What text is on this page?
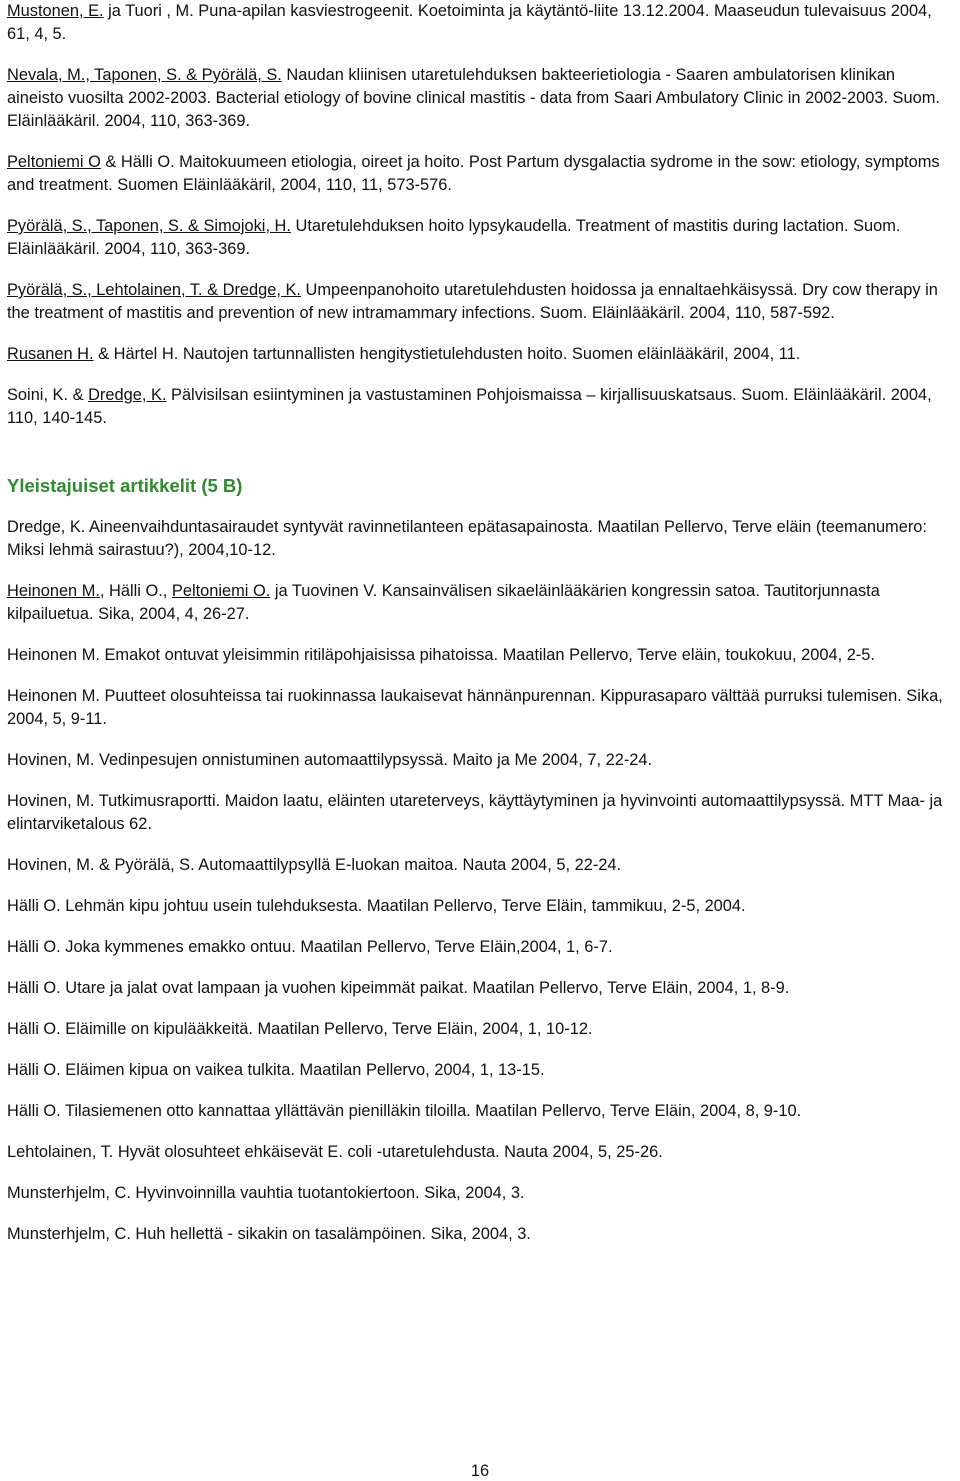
Mustonen, E. ja Tuori , M. Puna-apilan kasviestrogeenit. Koetoiminta ja käytäntö-liite 13.12.2004. Maaseudun tulevaisuus 2004, 61, 4, 5.

Nevala, M., Taponen, S. & Pyörälä, S. Naudan kliinisen utaretulehduksen bakteerietiologia - Saaren ambulatorisen klinikan aineisto vuosilta 2002-2003. Bacterial etiology of bovine clinical mastitis - data from Saari Ambulatory Clinic in 2002-2003. Suom. Eläinlääkäril. 2004, 110, 363-369.

Peltoniemi O & Hälli O. Maitokuumeen etiologia, oireet ja hoito. Post Partum dysgalactia sydrome in the sow: etiology, symptoms and treatment. Suomen Eläinlääkäril, 2004, 110, 11, 573-576.

Pyörälä, S., Taponen, S. & Simojoki, H. Utaretulehduksen hoito lypsykaudella. Treatment of mastitis during lactation. Suom. Eläinlääkäril. 2004, 110, 363-369.

Pyörälä, S., Lehtolainen, T. & Dredge, K. Umpeenpanohoito utaretulehdusten hoidossa ja ennaltaehkäisyssä. Dry cow therapy in the treatment of mastitis and prevention of new intramammary infections. Suom. Eläinlääkäril. 2004, 110, 587-592.

Rusanen H. & Härtel H. Nautojen tartunnallisten hengitystietulehdusten hoito. Suomen eläinlääkäril, 2004, 11.

Soini, K. & Dredge, K. Pälvisilsan esiintyminen ja vastustaminen Pohjoismaissa – kirjallisuuskatsaus. Suom. Eläinlääkäril. 2004, 110, 140-145.

Yleistajuiset artikkelit (5 B)

Dredge, K. Aineenvaihduntasairaudet syntyvät ravinnetilanteen epätasapainosta. Maatilan Pellervo, Terve eläin (teemanumero: Miksi lehmä sairastuu?), 2004,10-12.

Heinonen M., Hälli O., Peltoniemi O. ja Tuovinen V. Kansainvälisen sikaeläinlääkärien kongressin satoa. Tautitorjunnasta kilpailuetua. Sika, 2004, 4, 26-27.

Heinonen M. Emakot ontuvat yleisimmin ritiläpohjaisissa pihatoissa. Maatilan Pellervo, Terve eläin, toukokuu, 2004, 2-5.

Heinonen M. Puutteet olosuhteissa tai ruokinnassa laukaisevat hännänpurennan. Kippurasaparo välttää purruksi tulemisen. Sika, 2004, 5, 9-11.

Hovinen, M. Vedinpesujen onnistuminen automaattilypsyssä. Maito ja Me 2004, 7, 22-24.

Hovinen, M. Tutkimusraportti. Maidon laatu, eläinten utareterveys, käyttäytyminen ja hyvinvointi automaattilypsyssä. MTT Maa- ja elintarviketalous 62.

Hovinen, M. & Pyörälä, S. Automaattilypsyllä E-luokan maitoa. Nauta 2004, 5, 22-24.

Hälli O. Lehmän kipu johtuu usein tulehduksesta. Maatilan Pellervo, Terve Eläin, tammikuu, 2-5, 2004.

Hälli O. Joka kymmenes emakko ontuu. Maatilan Pellervo, Terve Eläin,2004, 1, 6-7.

Hälli O. Utare ja jalat ovat lampaan ja vuohen kipeimmät paikat. Maatilan Pellervo, Terve Eläin, 2004, 1, 8-9.

Hälli O. Eläimille on kipulääkkeitä. Maatilan Pellervo, Terve Eläin, 2004, 1, 10-12.

Hälli O. Eläimen kipua on vaikea tulkita. Maatilan Pellervo, 2004, 1, 13-15.

Hälli O. Tilasiemenen otto kannattaa yllättävän pienilläkin tiloilla. Maatilan Pellervo, Terve Eläin, 2004, 8, 9-10.

Lehtolainen, T. Hyvät olosuhteet ehkäisevät E. coli -utaretulehdusta. Nauta 2004, 5, 25-26.

Munsterhjelm, C. Hyvinvoinnilla vauhtia tuotantokiertoon. Sika, 2004, 3.

Munsterhjelm, C. Huh hellettä - sikakin on tasalämpöinen. Sika, 2004, 3.

16
